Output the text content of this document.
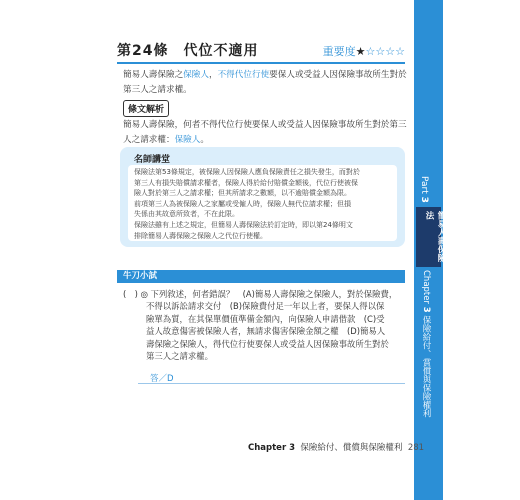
第24條　代位不適用	重要度★☆☆☆☆
簡易人壽保險之保險人，不得代位行使要保人或受益人因保險事故所生對於
第三人之請求權。
條文解析
簡易人壽保險，何者不得代位行使要保人或受益人因保險事故所生對於第三
人之請求權：保險人。
名師講堂
保險法第53條規定，被保險人因保險人應負保險責任之損失發生，而對於
第三人有損失賠償請求權者，保險人得於給付賠償金額後，代位行使被保
險人對於第三人之請求權；但其所請求之數額，以不逾賠償金額為限。
前項第三人為被保險人之家屬或受僱人時，保險人無代位請求權；但損
失係由其故意所致者，不在此限。
保險法雖有上述之規定，但簡易人壽保險法於訂定時，即以第24條明文
排除簡易人壽保險之保險人之代位行使權。
牛刀小試
(　) ◎ 下列敘述，何者錯誤？　(A)簡易人壽保險之保險人，對於保險費，
不得以訴訟請求交付　(B)保險費付足一年以上者，要保人得以保
險單為質，在其保單價值準備金額內，向保險人申請借款　(C)受
益人故意傷害被保險人者，無請求傷害保險金額之權　(D)簡易人
壽保險之保險人，得代位行使要保人或受益人因保險事故所生對於
第三人之請求權。
答／D
Part 3
簡易人壽保險法
Chapter 3 保險給付、賞償與保險權利
Chapter 3 保險給付、償償與保險權利 281
